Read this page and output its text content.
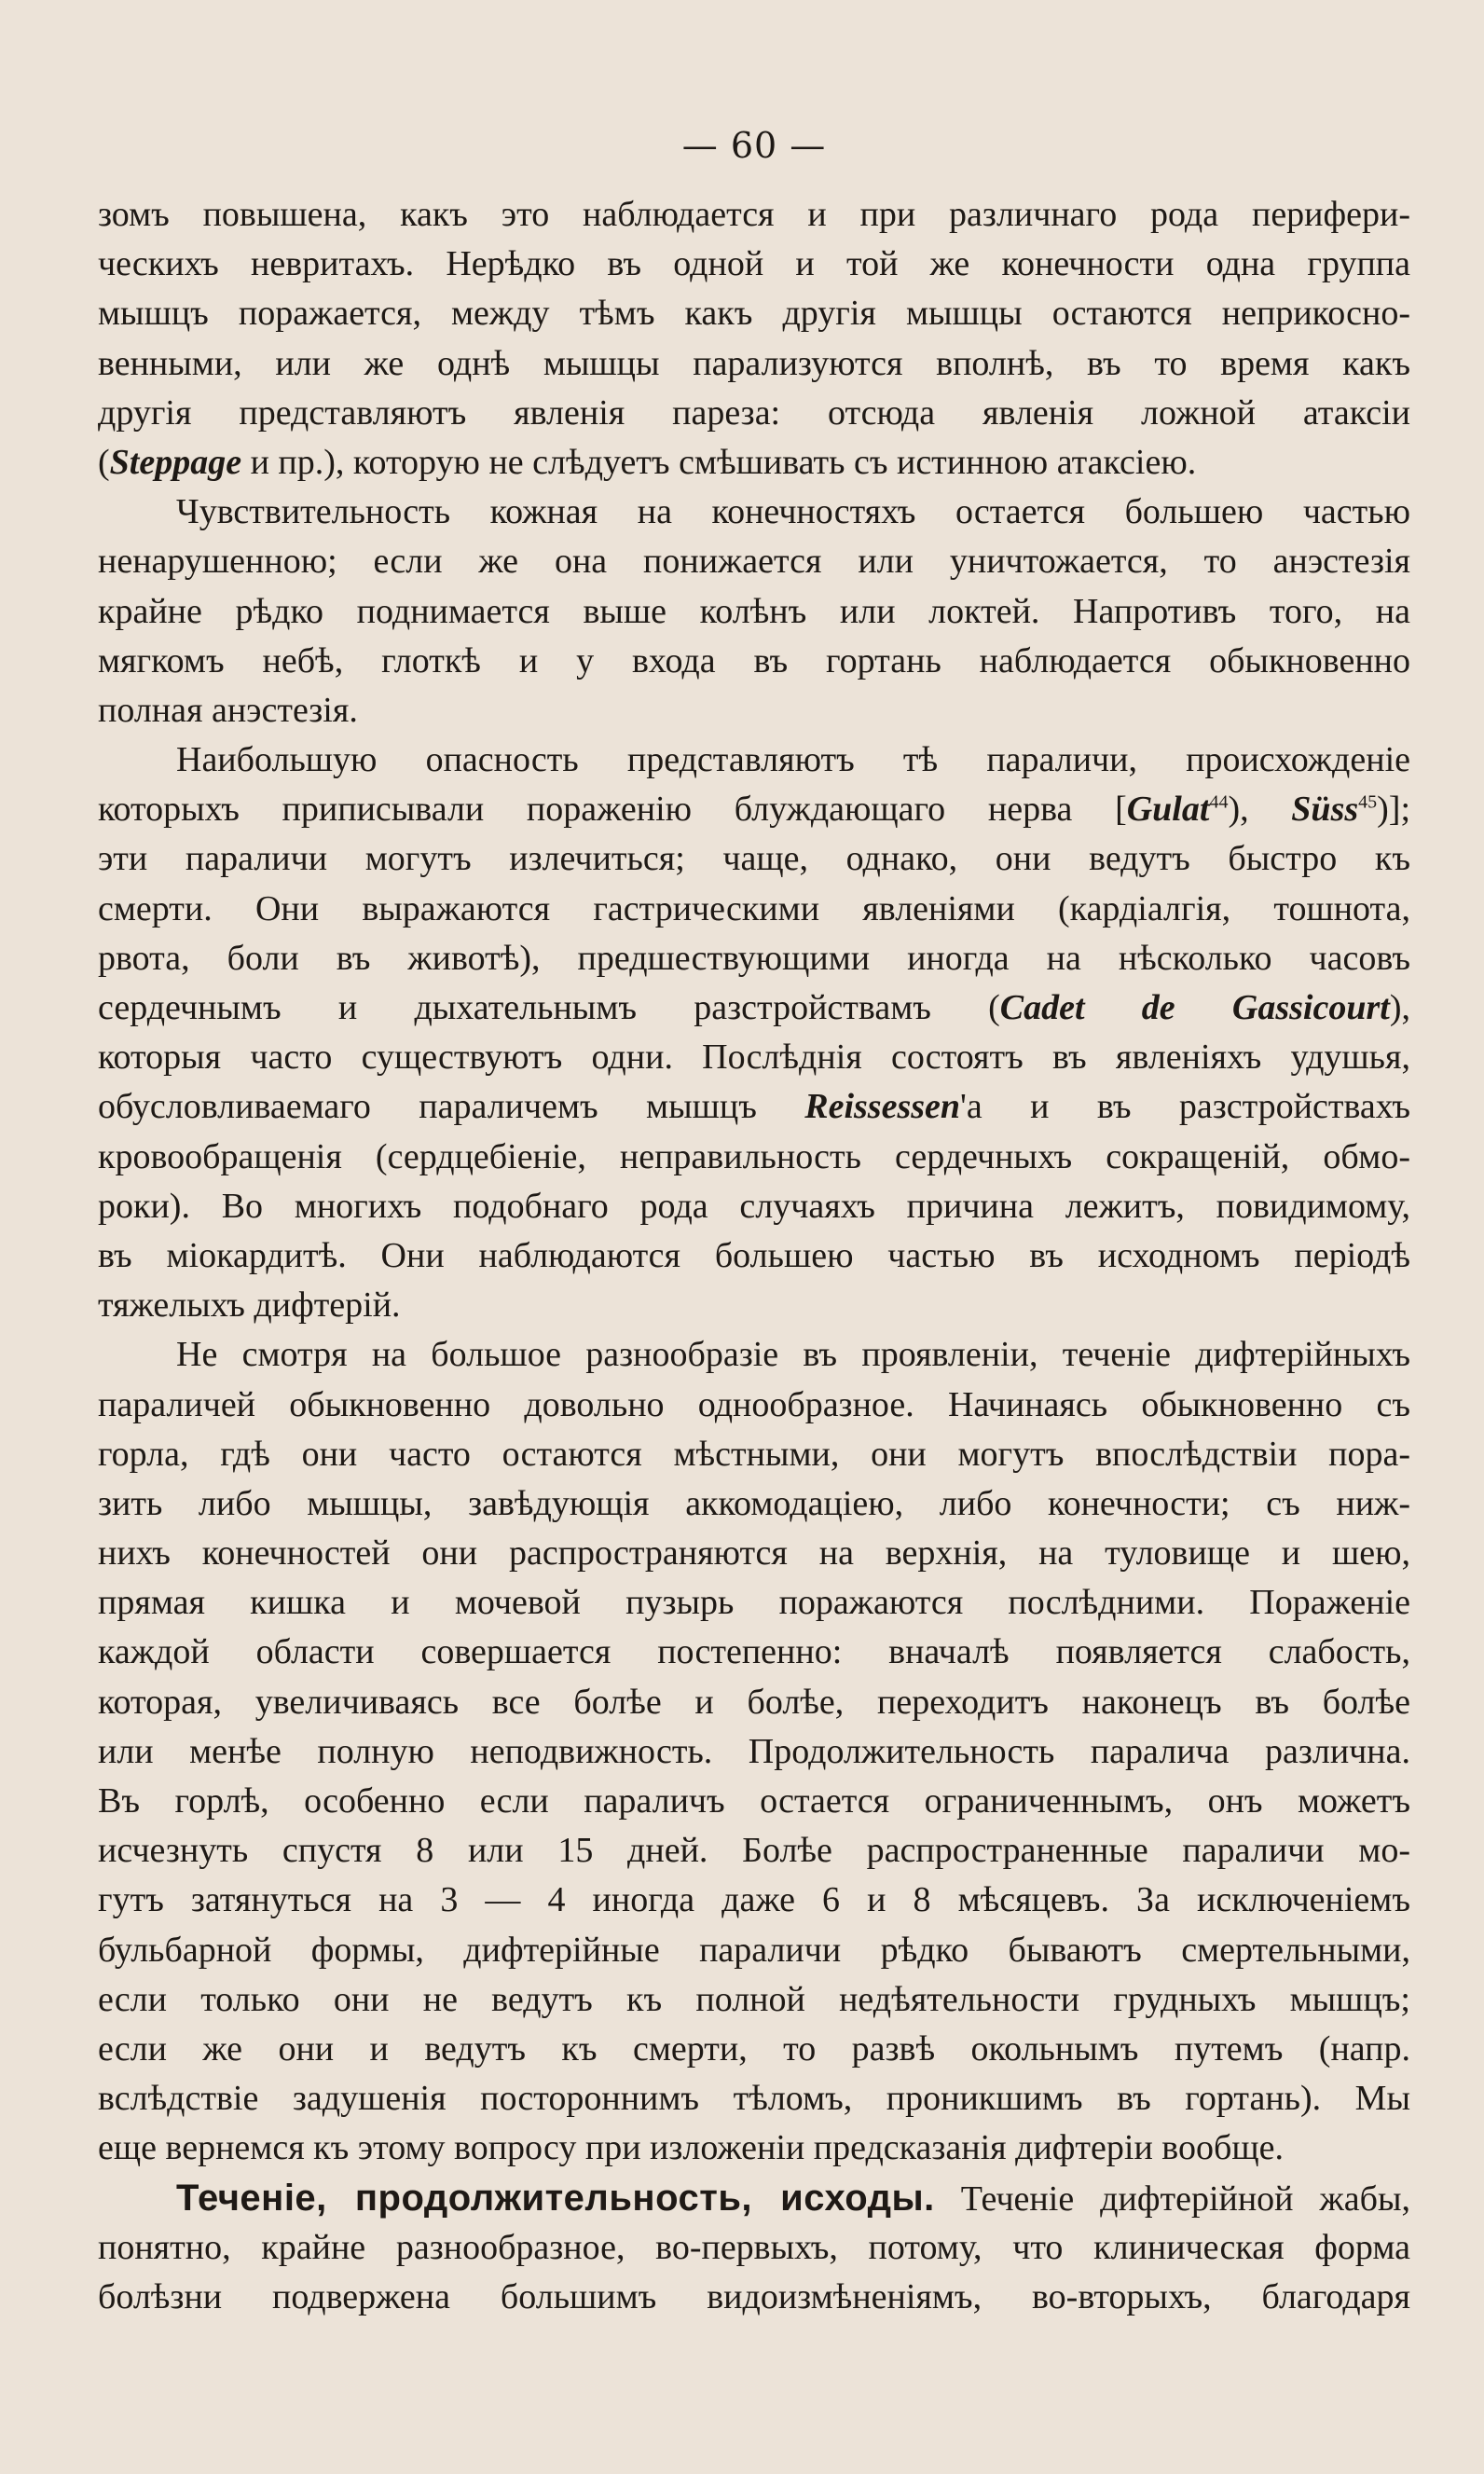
— 60 —
зомъ повышена, какъ это наблюдается и при различнаго рода перифери-
ческихъ невритахъ. Нерѣдко въ одной и той же конечности одна группа
мышцъ поражается, между тѣмъ какъ другія мышцы остаются неприкосно-
венными, или же однѣ мышцы парализуются вполнѣ, въ то время какъ
другія представляютъ явленія пареза: отсюда явленія ложной атаксіи
(Steppage и пр.), которую не слѣдуетъ смѣшивать съ истинною атаксіею.
Чувствительность кожная на конечностяхъ остается большею частью
ненарушенною; если же она понижается или уничтожается, то анэстезія
крайне рѣдко поднимается выше колѣнъ или локтей. Напротивъ того, на
мягкомъ небѣ, глоткѣ и у входа въ гортань наблюдается обыкновенно
полная анэстезія.
Наибольшую опасность представляютъ тѣ параличи, происхожденіе
которыхъ приписывали пораженію блуждающаго нерва [Gulat$^{44}$), Süss$^{45}$)];
эти параличи могутъ излечиться; чаще, однако, они ведутъ быстро къ
смерти. Они выражаются гастрическими явленіями (кардіалгія, тошнота,
рвота, боли въ животѣ), предшествующими иногда на нѣсколько часовъ
сердечнымъ и дыхательнымъ разстройствамъ (Cadet de Gassicourt),
которыя часто существуютъ одни. Послѣднія состоятъ въ явленіяхъ удушья,
обусловливаемаго параличемъ мышцъ Reissessen'а и въ разстройствахъ
кровообращенія (сердцебіеніе, неправильность сердечныхъ сокращеній, обмо-
роки). Во многихъ подобнаго рода случаяхъ причина лежитъ, повидимому,
въ міокардитѣ. Они наблюдаются большею частью въ исходномъ періодѣ
тяжелыхъ дифтерій.
Не смотря на большое разнообразіе въ проявленіи, теченіе дифтерійныхъ
параличей обыкновенно довольно однообразное. Начинаясь обыкновенно съ
горла, гдѣ они часто остаются мѣстными, они могутъ впослѣдствіи пора-
зить либо мышцы, завѣдующія аккомодаціею, либо конечности; съ ниж-
нихъ конечностей они распространяются на верхнія, на туловище и шею,
прямая кишка и мочевой пузырь поражаются послѣдними. Пораженіе
каждой области совершается постепенно: вначалѣ появляется слабость,
которая, увеличиваясь все болѣе и болѣе, переходитъ наконецъ въ болѣе
или менѣе полную неподвижность. Продолжительность паралича различна.
Въ горлѣ, особенно если параличъ остается ограниченнымъ, онъ можетъ
исчезнуть спустя 8 или 15 дней. Болѣе распространенные параличи мо-
гутъ затянуться на 3 — 4 иногда даже 6 и 8 мѣсяцевъ. За исключеніемъ
бульбарной формы, дифтерійные параличи рѣдко бываютъ смертельными,
если только они не ведутъ къ полной недѣятельности грудныхъ мышцъ;
если же они и ведутъ къ смерти, то развѣ окольнымъ путемъ (напр.
вслѣдствіе задушенія постороннимъ тѣломъ, проникшимъ въ гортань). Мы
еще вернемся къ этому вопросу при изложеніи предсказанія дифтеріи вообще.
Теченіе, продолжительность, исходы. Теченіе дифтерійной жабы,
понятно, крайне разнообразное, во-первыхъ, потому, что клиническая форма
болѣзни подвержена большимъ видоизмѣненіямъ, во-вторыхъ, благодаря
